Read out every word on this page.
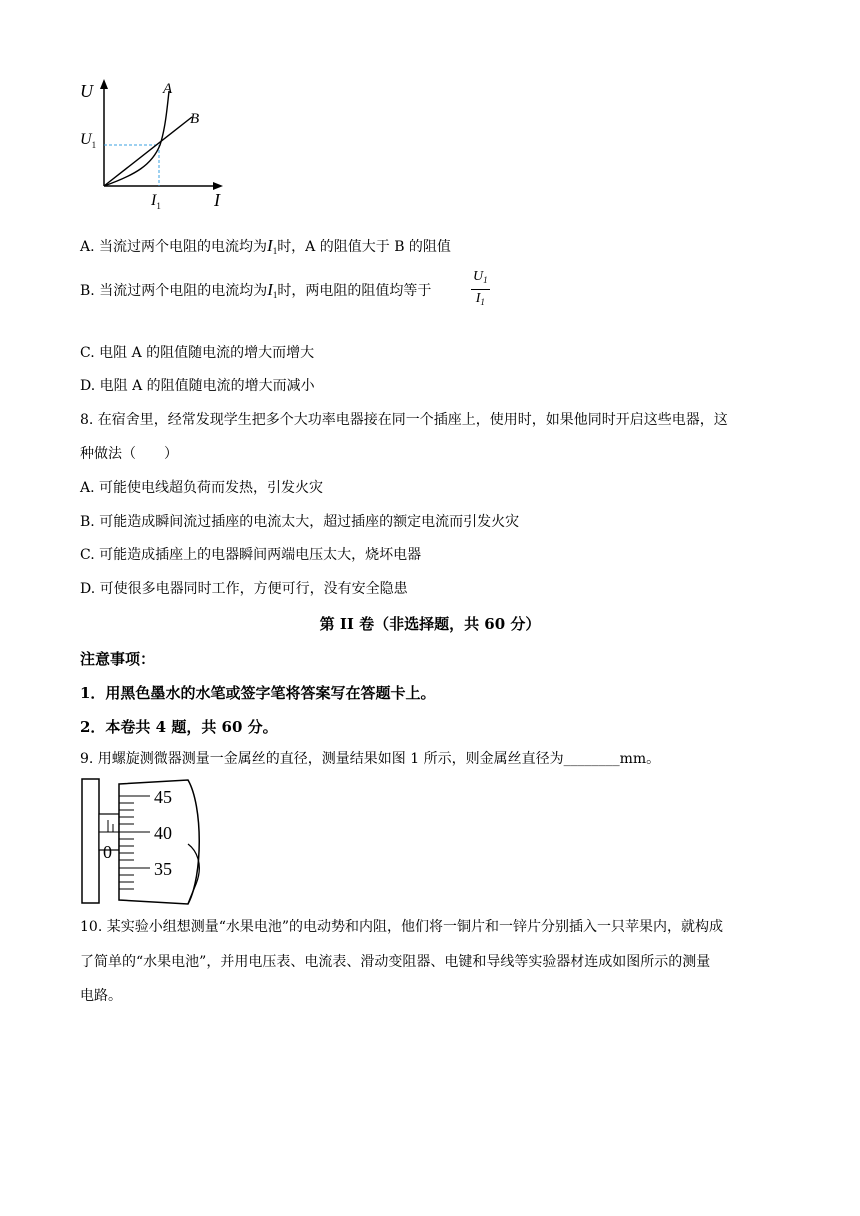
U
I
A
B
$U_1$
$I_1$
A. 当流过两个电阻的电流均为$I_1$时，A 的阻值大于 B 的阻值
B. 当流过两个电阻的电流均为$I_1$时，两电阻的阻值均等于	$\frac{U_1}{I_1}$
C. 电阻 A 的阻值随电流的增大而增大
D. 电阻 A 的阻值随电流的增大而减小
8. 在宿舍里，经常发现学生把多个大功率电器接在同一个插座上，使用时，如果他同时开启这些电器，这
种做法（　　）
A. 可能使电线超负荷而发热，引发火灾
B. 可能造成瞬间流过插座的电流太大，超过插座的额定电流而引发火灾
C. 可能造成插座上的电器瞬间两端电压太大，烧坏电器
D. 可使很多电器同时工作，方便可行，没有安全隐患
第 II 卷（非选择题，共 60 分）
注意事项：
1．用黑色墨水的水笔或签字笔将答案写在答题卡上。
2．本卷共 4 题，共 60 分。
9. 用螺旋测微器测量一金属丝的直径，测量结果如图 1 所示，则金属丝直径为________mm。
45
40
35
0
10. 某实验小组想测量“水果电池”的电动势和内阻，他们将一铜片和一锌片分别插入一只苹果内，就构成
了简单的“水果电池”，并用电压表、电流表、滑动变阻器、电键和导线等实验器材连成如图所示的测量
电路。
